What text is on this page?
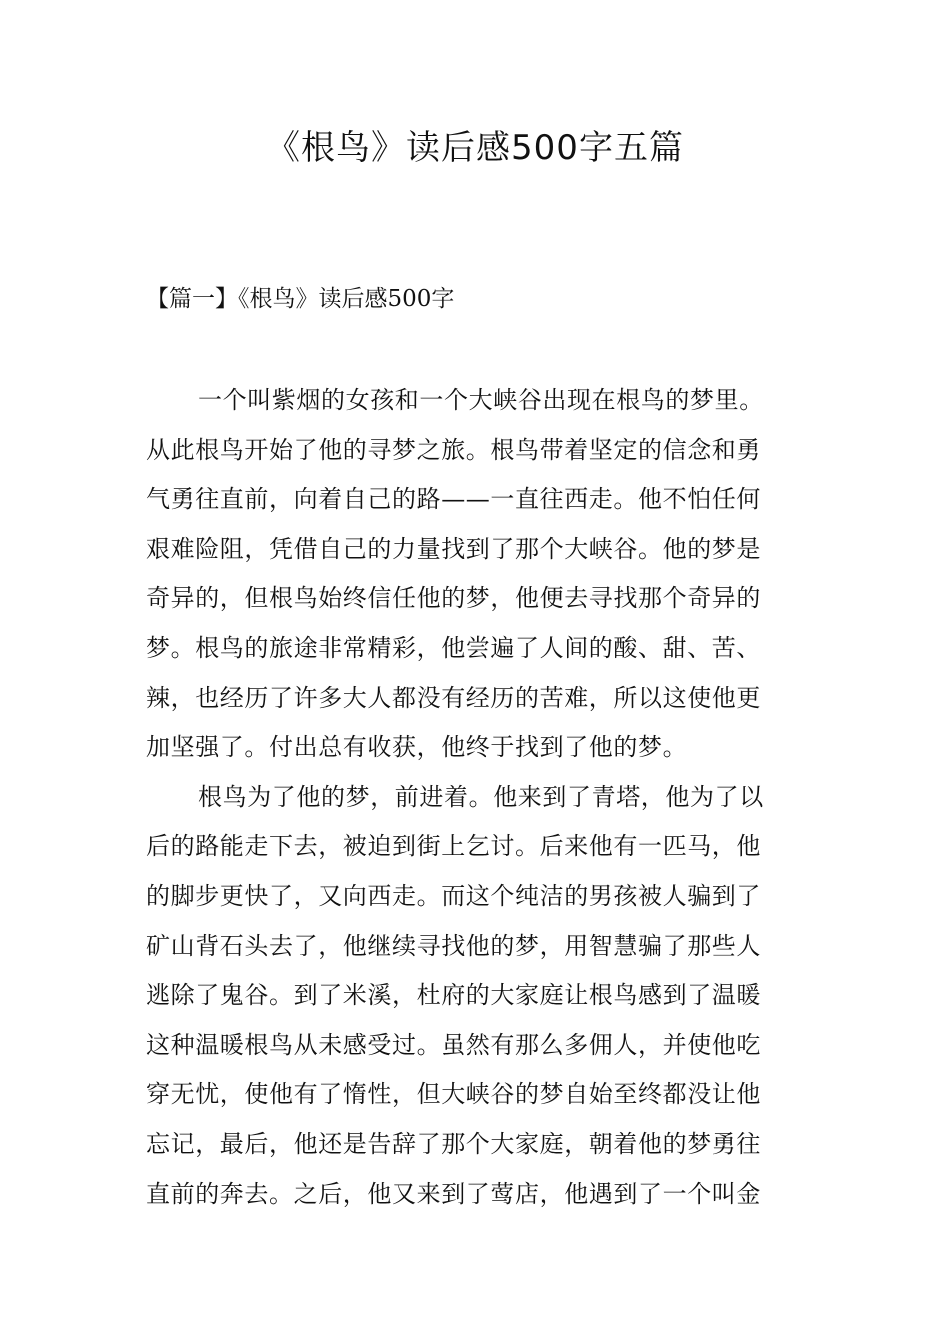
《根鸟》读后感500字五篇
【篇一】《根鸟》读后感500字

一个叫紫烟的女孩和一个大峡谷出现在根鸟的梦里。
从此根鸟开始了他的寻梦之旅。根鸟带着坚定的信念和勇
气勇往直前，向着自己的路——一直往西走。他不怕任何
艰难险阻，凭借自己的力量找到了那个大峡谷。他的梦是
奇异的，但根鸟始终信任他的梦，他便去寻找那个奇异的
梦。根鸟的旅途非常精彩，他尝遍了人间的酸、甜、苦、
辣，也经历了许多大人都没有经历的苦难，所以这使他更
加坚强了。付出总有收获，他终于找到了他的梦。

根鸟为了他的梦，前进着。他来到了青塔，他为了以
后的路能走下去，被迫到街上乞讨。后来他有一匹马，他
的脚步更快了，又向西走。而这个纯洁的男孩被人骗到了
矿山背石头去了，他继续寻找他的梦，用智慧骗了那些人
逃除了鬼谷。到了米溪，杜府的大家庭让根鸟感到了温暖
这种温暖根鸟从未感受过。虽然有那么多佣人，并使他吃
穿无忧，使他有了惰性，但大峡谷的梦自始至终都没让他
忘记，最后，他还是告辞了那个大家庭，朝着他的梦勇往
直前的奔去。之后，他又来到了莺店，他遇到了一个叫金
